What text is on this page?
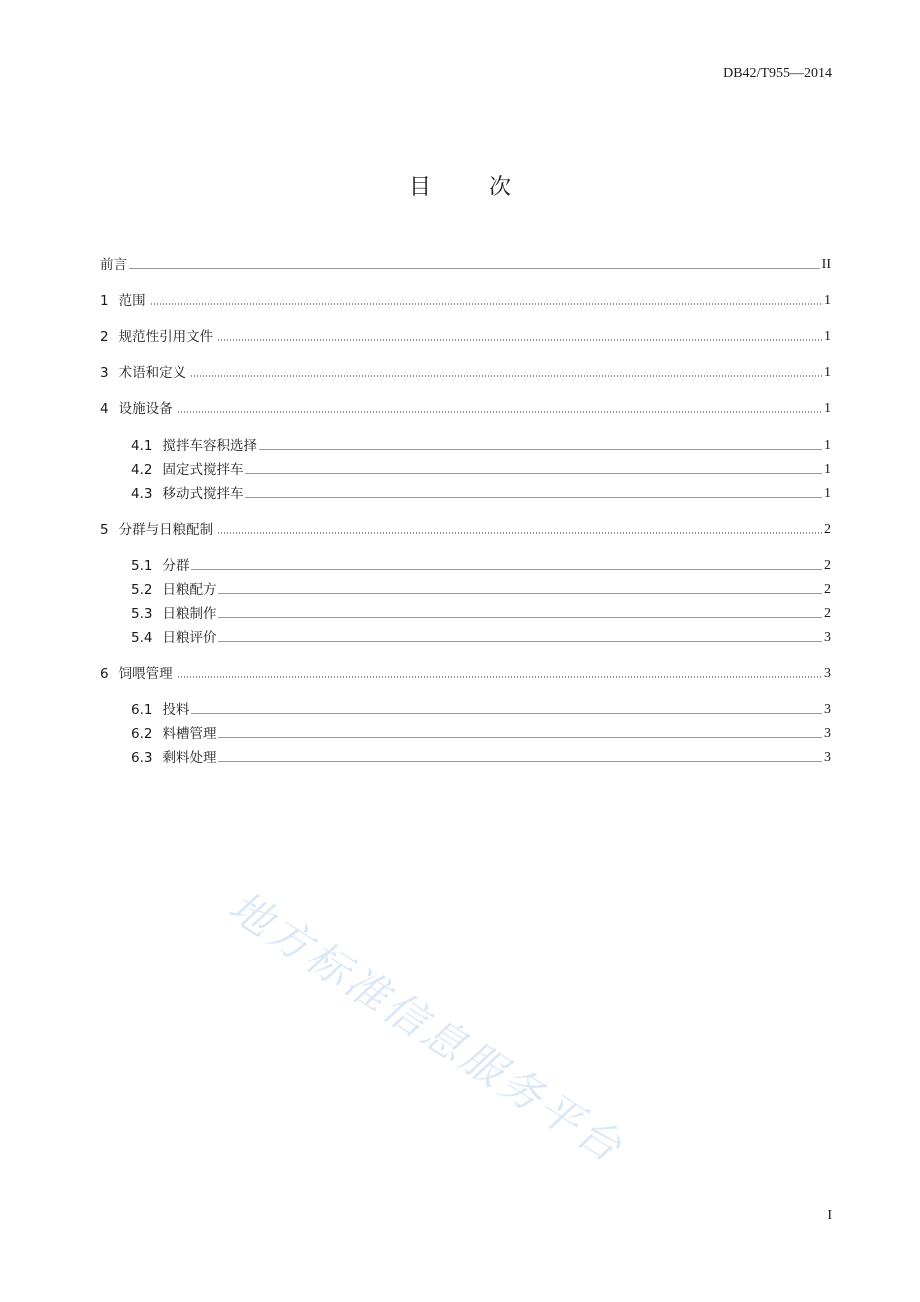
DB42/T955—2014
目次
前言	II
1 范围	1
2 规范性引用文件	1
3 术语和定义	1
4 设施设备	1
4.1 搅拌车容积选择	1
4.2 固定式搅拌车	1
4.3 移动式搅拌车	1
5 分群与日粮配制	2
5.1 分群	2
5.2 日粮配方	2
5.3 日粮制作	2
5.4 日粮评价	3
6 饲喂管理	3
6.1 投料	3
6.2 料槽管理	3
6.3 剩料处理	3
地方标准信息服务平台
I
